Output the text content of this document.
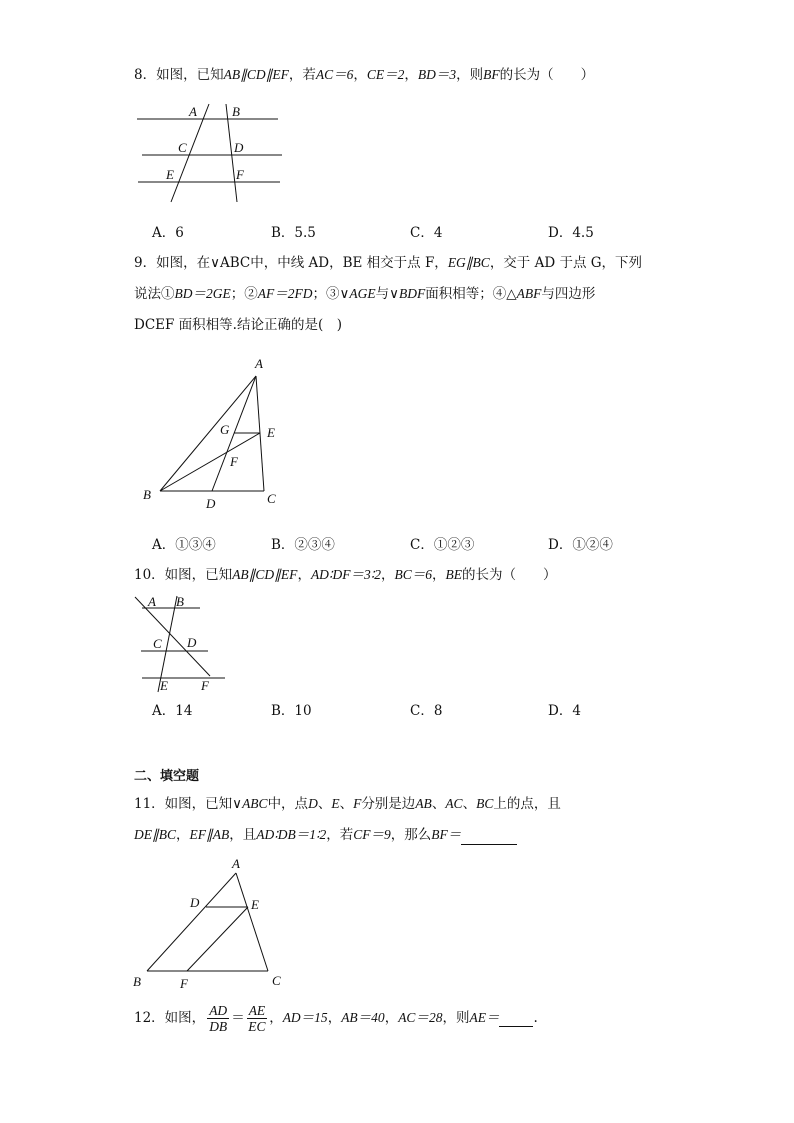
8．如图，已知AB∥CD∥EF，若AC＝6，CE＝2，BD＝3，则BF的长为（　　）
A	B
C	D
E	F
A．6	B．5.5	C．4	D．4.5
9．如图，在∨ABC中，中线 AD，BE 相交于点 F，EG∥BC，交于 AD 于点 G，下列
说法①BD＝2GE；②AF＝2FD；③∨AGE与∨BDF面积相等；④△ABF与四边形
DCEF 面积相等.结论正确的是(　)
A
G	E
F
B
D	C
A．①③④	B．②③④	C．①②③	D．①②④
10．如图，已知AB∥CD∥EF，AD∶DF＝3∶2，BC＝6，BE的长为（　　）
A B
C D
E	F
A．14	B．10	C．8	D．4
二、填空题
11．如图，已知∨ABC中，点D、E、F分别是边AB、AC、BC上的点，且
DE∥BC，EF∥AB，且AD∶DB＝1∶2，若CF＝9，那么BF＝
A
D	E
B	F	C
12．如图， $\frac{AD}{DB} = \frac{AE}{EC}$ ，AD＝15，AB＝40，AC＝28，则AE＝	.
